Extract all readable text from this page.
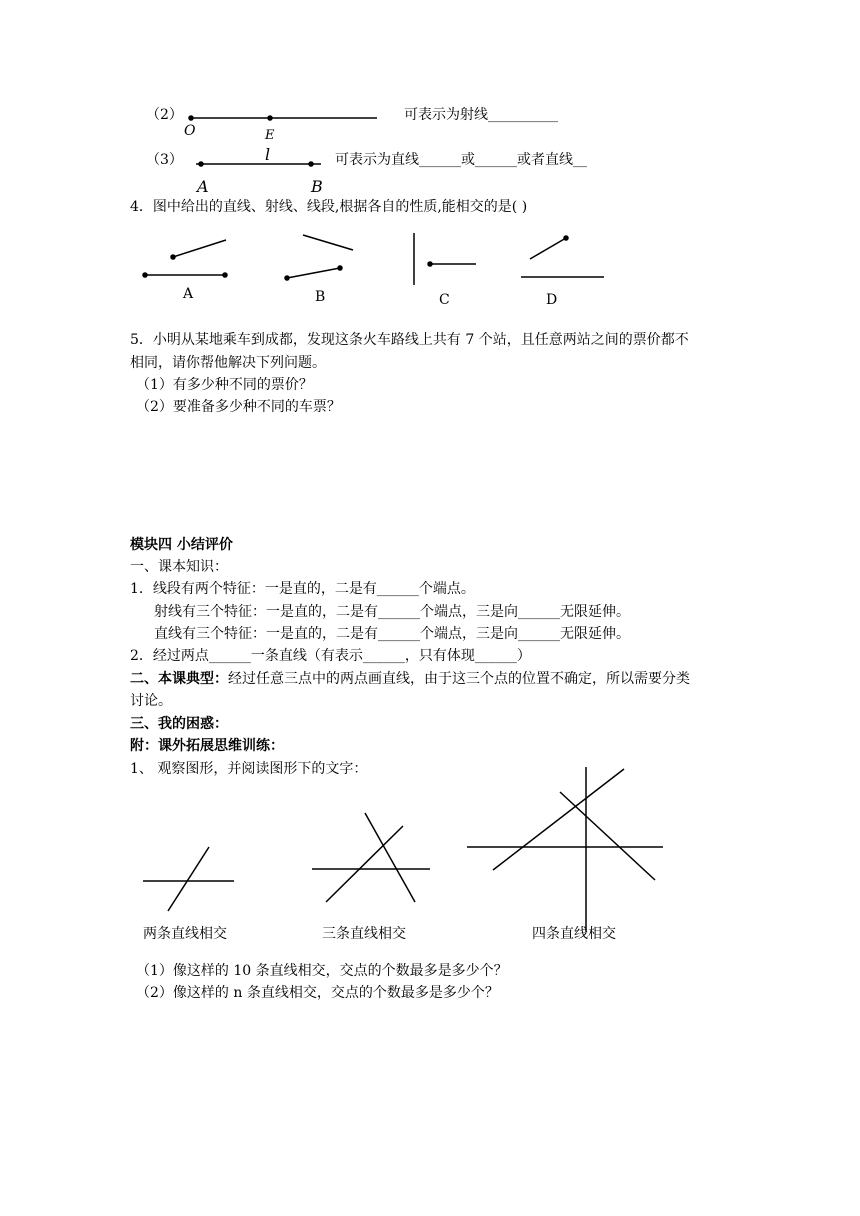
（2）
O	E
可表示为射线__________
（3）	l	可表示为直线______或______或者直线__
A	B
4．图中给出的直线、射线、线段,根据各自的性质,能相交的是( )
A	B	C	D
5．小明从某地乘车到成都，发现这条火车路线上共有 7 个站，且任意两站之间的票价都不
相同，请你帮他解决下列问题。
（1）有多少种不同的票价？
（2）要准备多少种不同的车票？
模块四 小结评价
一、课本知识：
1．线段有两个特征：一是直的，二是有______个端点。
射线有三个特征：一是直的，二是有______个端点，三是向______无限延伸。
直线有三个特征：一是直的，二是有______个端点，三是向______无限延伸。
2．经过两点______一条直线（有表示______，只有体现______）
二、本课典型：经过任意三点中的两点画直线，由于这三个点的位置不确定，所以需要分类
讨论。
三、我的困惑：
附：课外拓展思维训练：
1、 观察图形，并阅读图形下的文字：
两条直线相交	三条直线相交	四条直线相交
（1）像这样的 10 条直线相交，交点的个数最多是多少个？
（2）像这样的 n 条直线相交，交点的个数最多是多少个？
